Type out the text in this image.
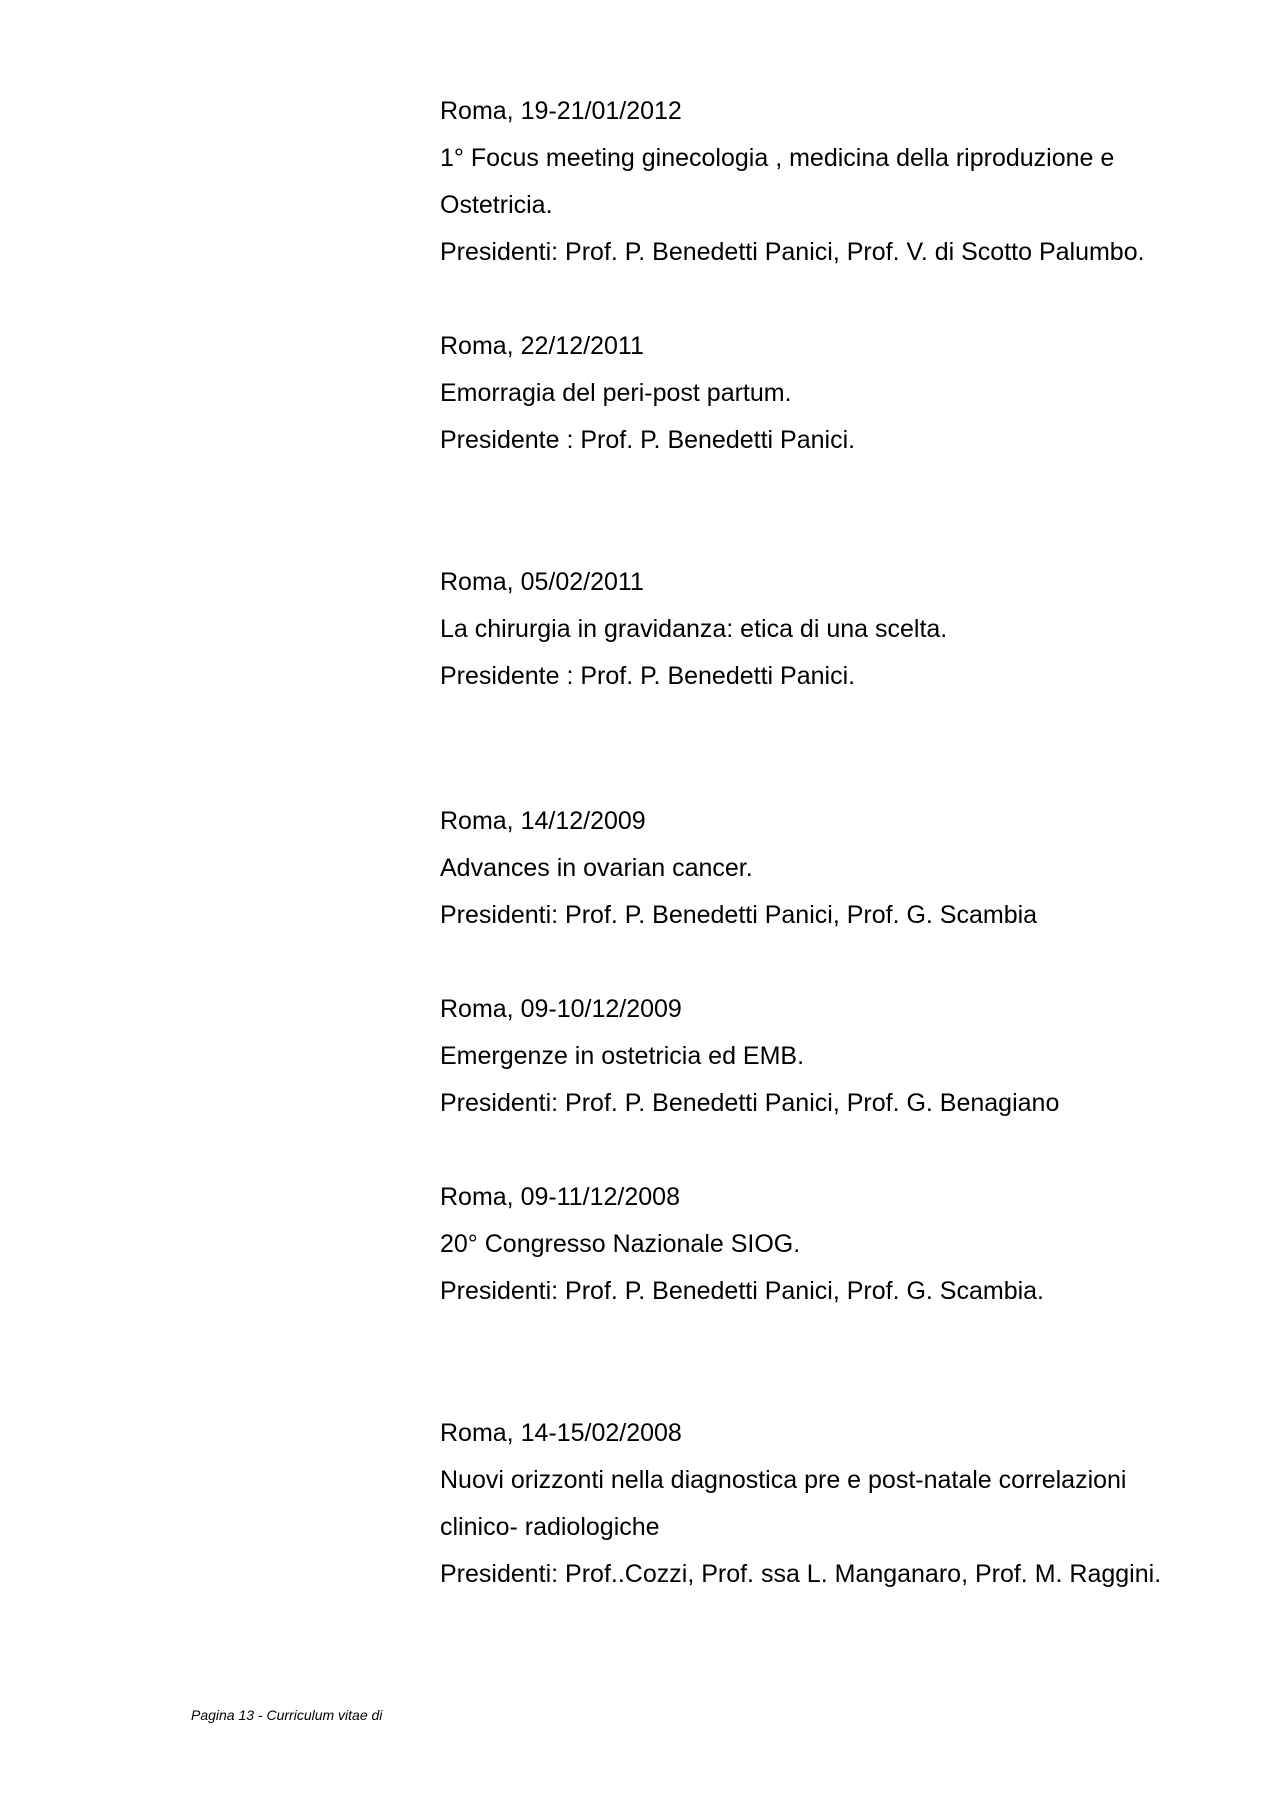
Roma, 19-21/01/2012

1° Focus meeting ginecologia , medicina della riproduzione e

Ostetricia.

Presidenti: Prof. P. Benedetti Panici, Prof. V. di Scotto Palumbo.

Roma, 22/12/2011

Emorragia del peri-post partum.

Presidente : Prof. P. Benedetti Panici.

Roma, 05/02/2011

La chirurgia in gravidanza: etica di una scelta.

Presidente : Prof. P. Benedetti Panici.

Roma, 14/12/2009

Advances in ovarian cancer.

Presidenti: Prof. P. Benedetti Panici, Prof. G. Scambia

Roma, 09-10/12/2009

Emergenze in ostetricia ed EMB.

Presidenti: Prof. P. Benedetti Panici, Prof. G. Benagiano

Roma, 09-11/12/2008

20° Congresso Nazionale SIOG.

Presidenti: Prof. P. Benedetti Panici, Prof. G. Scambia.

Roma, 14-15/02/2008

Nuovi orizzonti nella diagnostica pre e post-natale correlazioni

clinico- radiologiche

Presidenti: Prof..Cozzi, Prof. ssa L. Manganaro, Prof. M. Raggini.

Pagina 13 - Curriculum vitae di
